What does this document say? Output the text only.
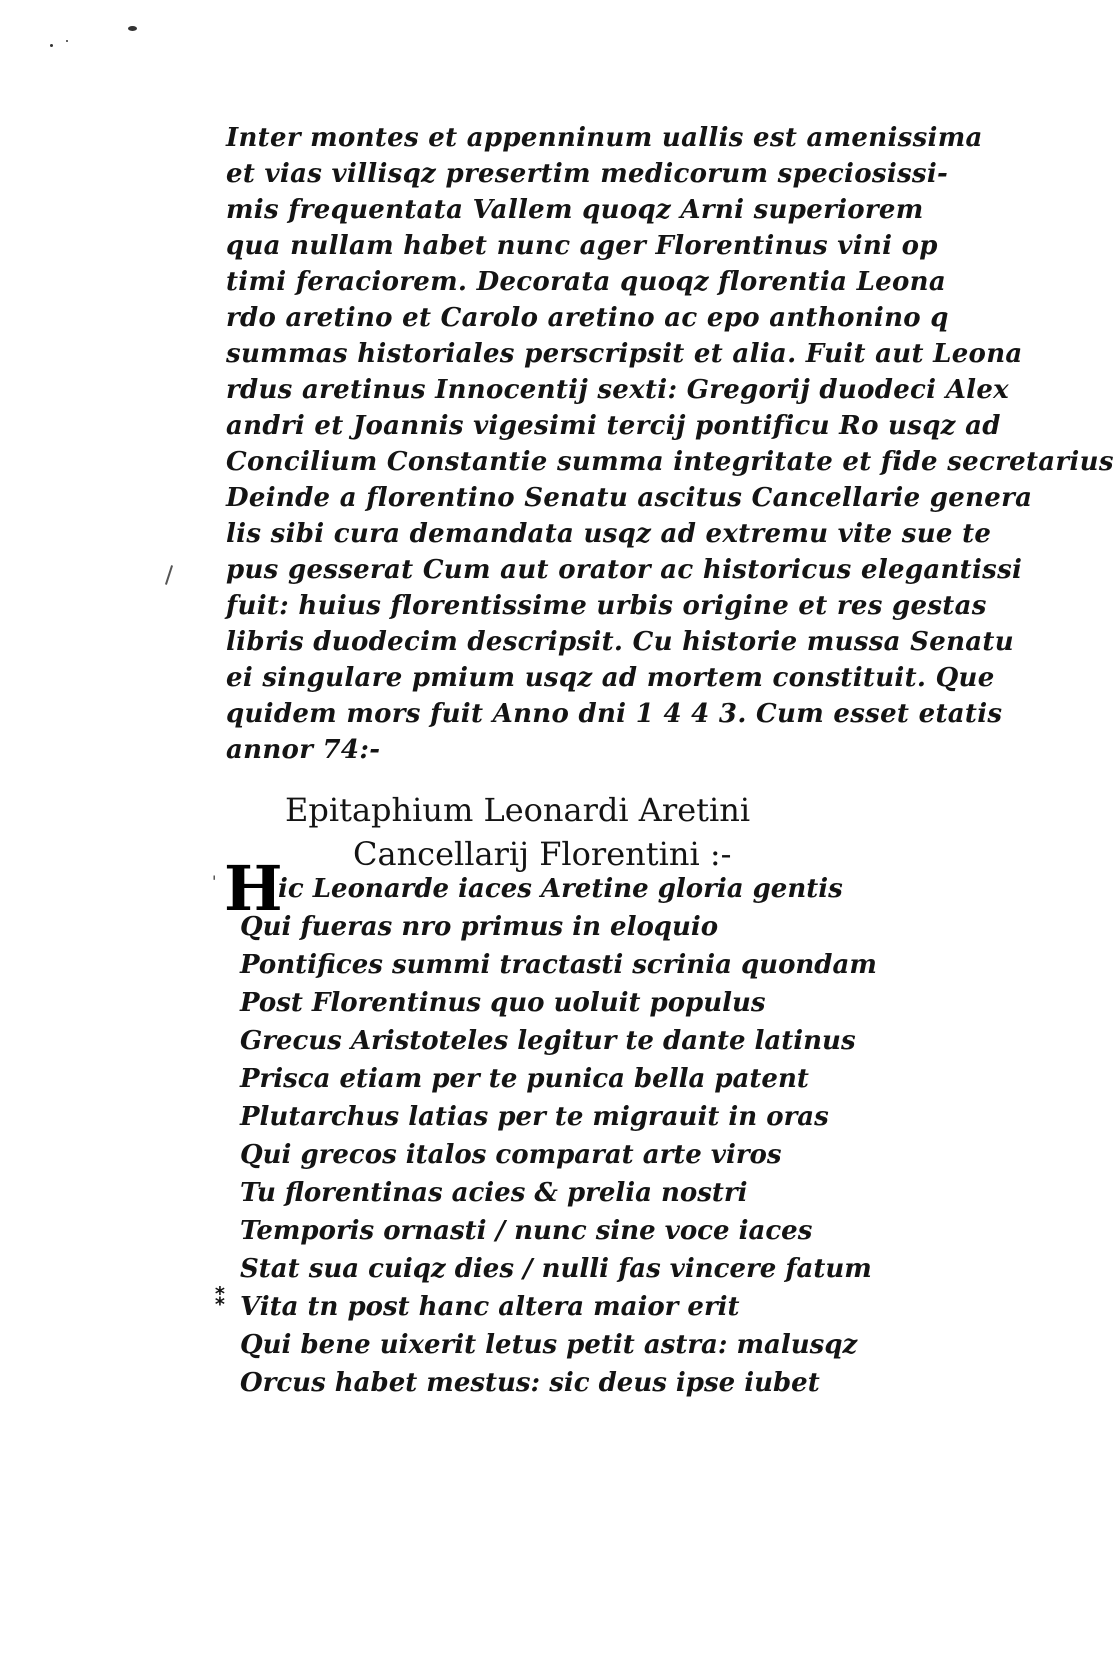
Inter montes et appenninum uallis est amenissima
et vias villisqz presertim medicorum speciosissi-
mis frequentata Vallem quoqz Arni superiorem
qua nullam habet nunc ager Florentinus vini op
timi feraciorem. Decorata quoqz florentia Leona
rdo aretino et Carolo aretino ac epo anthonino q
summas historiales perscripsit et alia. Fuit aut Leona
rdus aretinus Innocentij sexti: Gregorij duodeci Alex
andri et Joannis vigesimi tercij pontificu Ro usqz ad
Concilium Constantie summa integritate et fide secretarius
Deinde a florentino Senatu ascitus Cancellarie genera
lis sibi cura demandata usqz ad extremu vite sue te
pus gesserat Cum aut orator ac historicus elegantissi
fuit: huius florentissime urbis origine et res gestas
libris duodecim descripsit. Cu historie mussa Senatu
ei singulare pmium usqz ad mortem constituit. Que
quidem mors fuit Anno dni 1 4 4 3. Cum esset etatis
annor 74:-
Epitaphium Leonardi Aretini
Cancellarij Florentini :-
' H
ic Leonarde iaces Aretine gloria gentis
Qui fueras nro primus in eloquio
Pontifices summi tractasti scrinia quondam
Post Florentinus quo uoluit populus
Grecus Aristoteles legitur te dante latinus
Prisca etiam per te punica bella patent
Plutarchus latias per te migrauit in oras
Qui grecos italos comparat arte viros
Tu florentinas acies & prelia nostri
Temporis ornasti / nunc sine voce iaces
Stat sua cuiqz dies / nulli fas vincere fatum
Vita tn post hanc altera maior erit
Qui bene uixerit letus petit astra: malusqz
Orcus habet mestus: sic deus ipse iubet
⁑
